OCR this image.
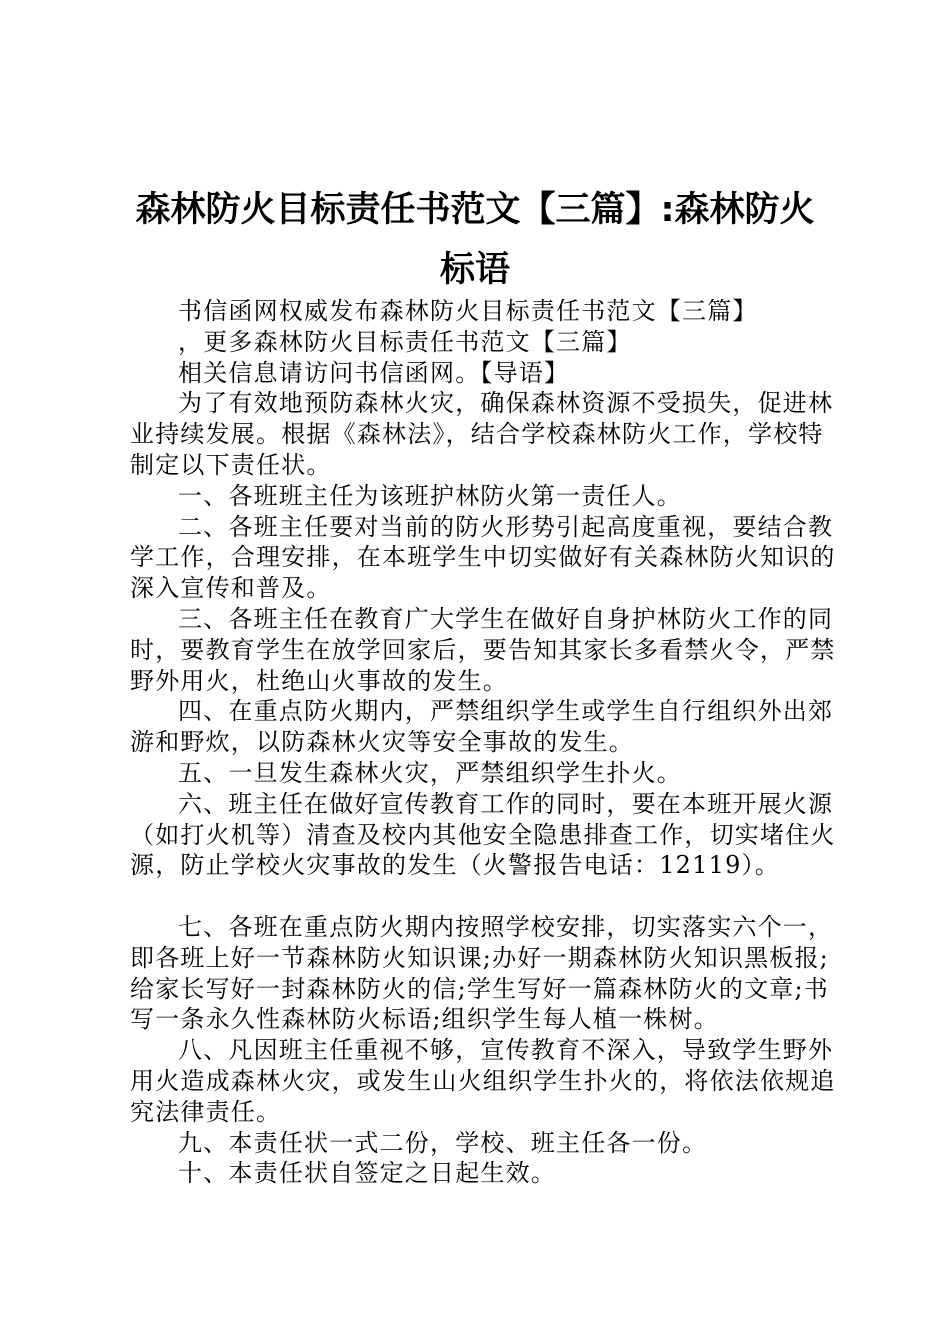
森林防火目标责任书范文【三篇】:森林防火
标语

书信函网权威发布森林防火目标责任书范文【三篇】

，更多森林防火目标责任书范文【三篇】

相关信息请访问书信函网。【导语】

为了有效地预防森林火灾，确保森林资源不受损失，促进林业持续发展。根据《森林法》，结合学校森林防火工作，学校特制定以下责任状。

一、各班班主任为该班护林防火第一责任人。

二、各班主任要对当前的防火形势引起高度重视，要结合教学工作，合理安排，在本班学生中切实做好有关森林防火知识的深入宣传和普及。

三、各班主任在教育广大学生在做好自身护林防火工作的同时，要教育学生在放学回家后，要告知其家长多看禁火令，严禁野外用火，杜绝山火事故的发生。

四、在重点防火期内，严禁组织学生或学生自行组织外出郊游和野炊，以防森林火灾等安全事故的发生。

五、一旦发生森林火灾，严禁组织学生扑火。

六、班主任在做好宣传教育工作的同时，要在本班开展火源（如打火机等）清查及校内其他安全隐患排查工作，切实堵住火源，防止学校火灾事故的发生（火警报告电话：12119）。

七、各班在重点防火期内按照学校安排，切实落实六个一，即各班上好一节森林防火知识课;办好一期森林防火知识黑板报;给家长写好一封森林防火的信;学生写好一篇森林防火的文章;书写一条永久性森林防火标语;组织学生每人植一株树。

八、凡因班主任重视不够，宣传教育不深入，导致学生野外用火造成森林火灾，或发生山火组织学生扑火的，将依法依规追究法律责任。

九、本责任状一式二份，学校、班主任各一份。

十、本责任状自签定之日起生效。
